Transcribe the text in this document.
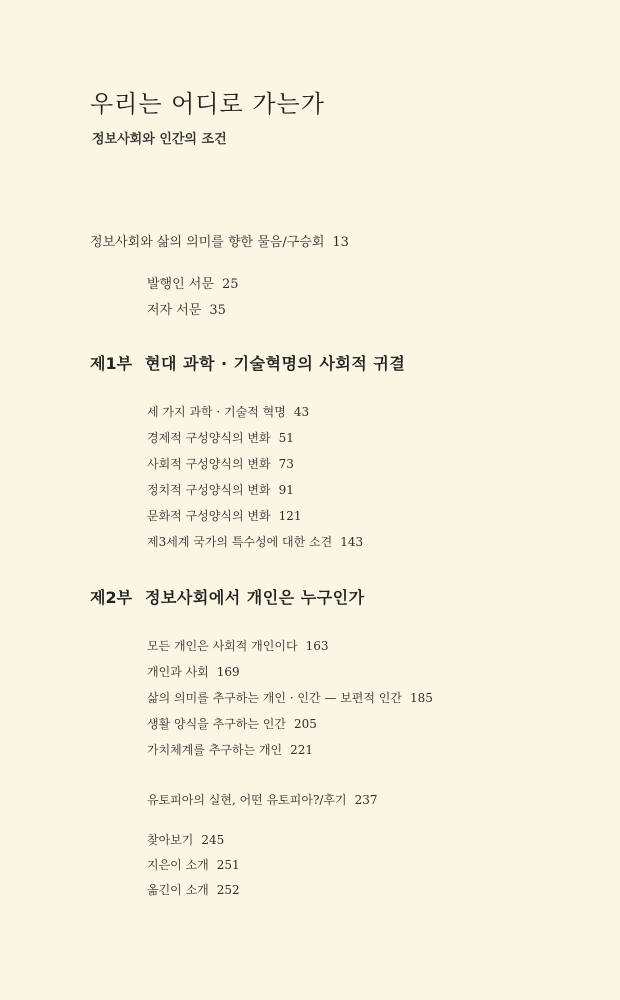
우리는 어디로 가는가
정보사회와 인간의 조건
정보사회와 삶의 의미를 향한 물음/구승회 13
발행인 서문 25
저자 서문 35
제1부 현대 과학 · 기술혁명의 사회적 귀결
세 가지 과학 · 기술적 혁명 43
경제적 구성양식의 변화 51
사회적 구성양식의 변화 73
정치적 구성양식의 변화 91
문화적 구성양식의 변화 121
제3세계 국가의 특수성에 대한 소견 143
제2부 정보사회에서 개인은 누구인가
모든 개인은 사회적 개인이다 163
개인과 사회 169
삶의 의미를 추구하는 개인 · 인간 — 보편적 인간 185
생활 양식을 추구하는 인간 205
가치체계를 추구하는 개인 221
유토피아의 실현, 어떤 유토피아?/후기 237
찾아보기 245
지은이 소개 251
옮긴이 소개 252
